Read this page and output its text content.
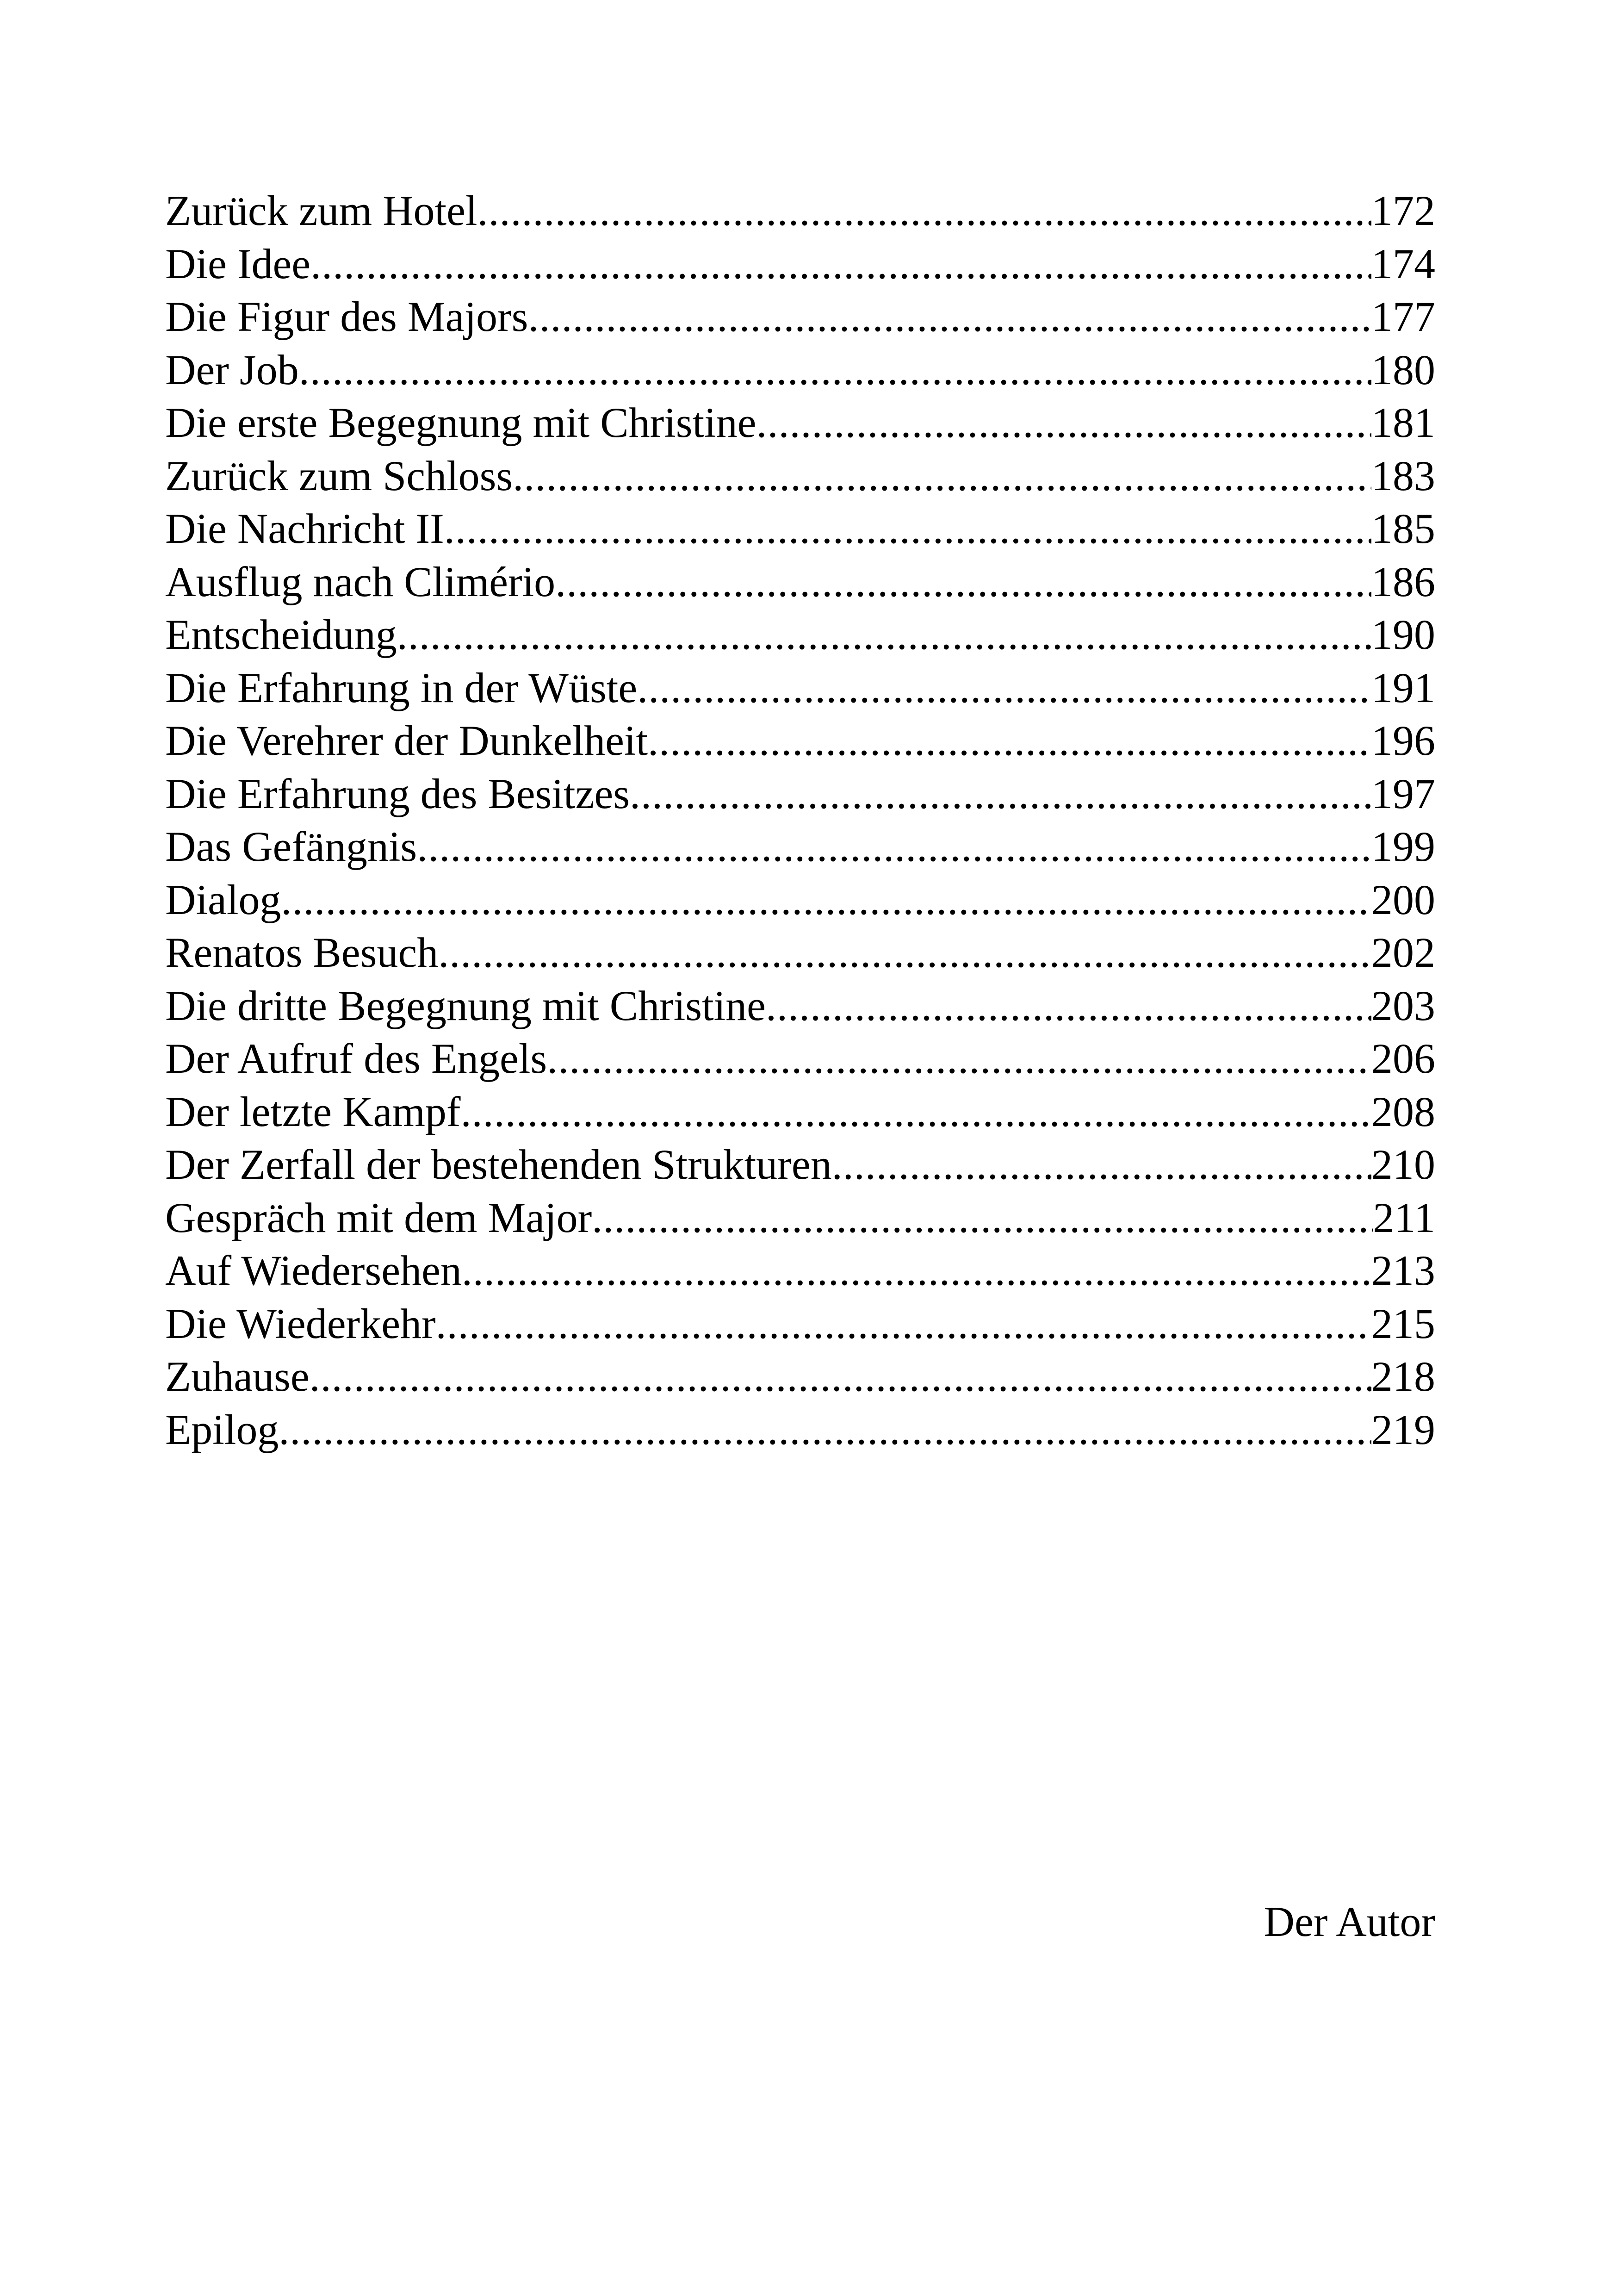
Zurück zum Hotel .....	172
Die Idee .....	174
Die Figur des Majors .....	177
Der Job .....	180
Die erste Begegnung mit Christine .....	181
Zurück zum Schloss .....	183
Die Nachricht II .....	185
Ausflug nach Climério .....	186
Entscheidung .....	190
Die Erfahrung in der Wüste .....	191
Die Verehrer der Dunkelheit .....	196
Die Erfahrung des Besitzes .....	197
Das Gefängnis .....	199
Dialog .....	200
Renatos Besuch .....	202
Die dritte Begegnung mit Christine .....	203
Der Aufruf des Engels .....	206
Der letzte Kampf .....	208
Der Zerfall der bestehenden Strukturen .....	210
Gespräch mit dem Major .....	211
Auf Wiedersehen .....	213
Die Wiederkehr .....	215
Zuhause .....	218
Epilog .....	219
Der Autor
